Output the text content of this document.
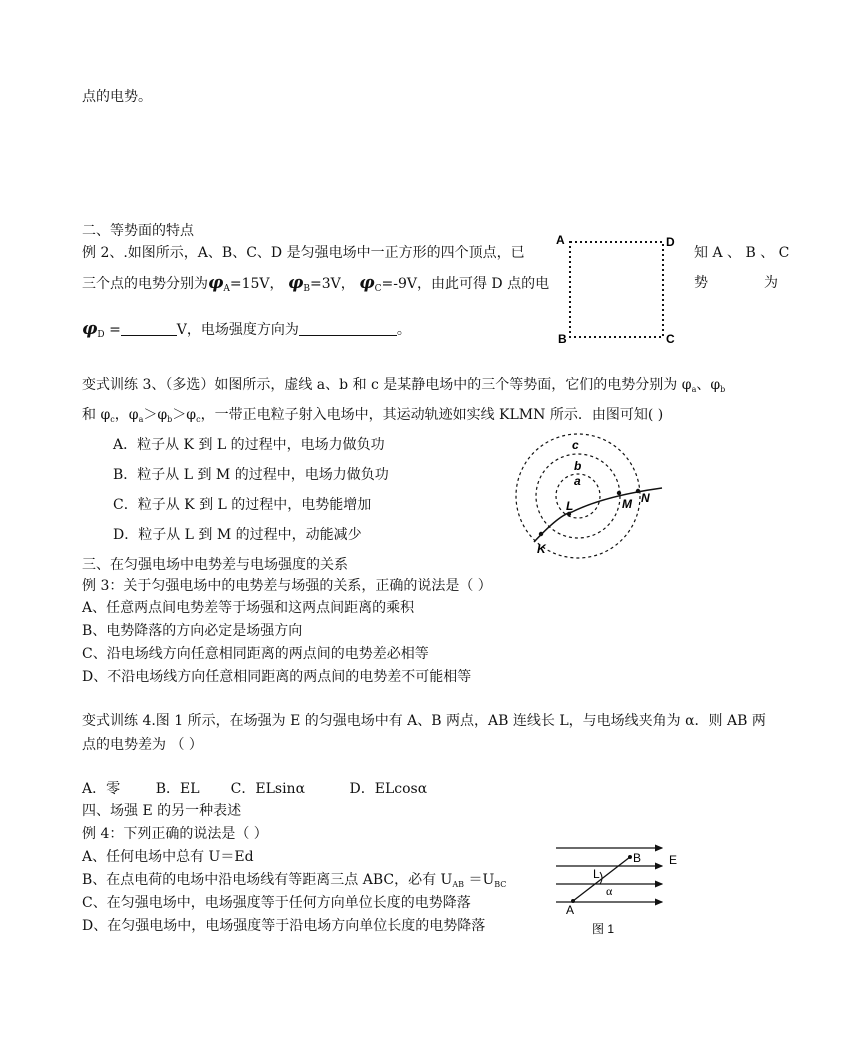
点的电势。
二、等势面的特点
例 2、.如图所示，A、B、C、D 是匀强电场中一正方形的四个顶点，已	知 A 、 B 、 C
三个点的电势分别为$\varphi_A=15V$， $\varphi_B=3V$， $\varphi_C=-9V$，由此可得 D 点的电	势	为
$\varphi_D$ =	V，电场强度方向为	。
A	D
B	C
变式训练 3、（多选）如图所示，虚线 a、b 和 c 是某静电场中的三个等势面，它们的电势分别为 $\varphi_a$、$\varphi_b$
和 $\varphi_c$，$\varphi_a>\varphi_b>\varphi_c$，一带正电粒子射入电场中，其运动轨迹如实线 KLMN 所示．由图可知( )
A．粒子从 K 到 L 的过程中，电场力做负功
B．粒子从 L 到 M 的过程中，电场力做负功
C．粒子从 K 到 L 的过程中，电势能增加
D．粒子从 L 到 M 的过程中，动能减少
c
b
a
L	M N
K
三、在匀强电场中电势差与电场强度的关系
例 3：关于匀强电场中的电势差与场强的关系，正确的说法是（ ）
A、任意两点间电势差等于场强和这两点间距离的乘积
B、电势降落的方向必定是场强方向
C、沿电场线方向任意相同距离的两点间的电势差必相等
D、不沿电场线方向任意相同距离的两点间的电势差不可能相等
变式训练 4.图 1 所示，在场强为 E 的匀强电场中有 A、B 两点，AB 连线长 L，与电场线夹角为 α．则 AB 两
点的电势差为 （ ）
A．零        B．EL       C．ELsinα          D．ELcosα
四、场强 E 的另一种表述
例 4：下列正确的说法是（ ）
A、任何电场中总有 U＝Ed
B、在点电荷的电场中沿电场线有等距离三点 ABC，必有 $U_{AB} =U_{BC}$
C、在匀强电场中，电场强度等于任何方向单位长度的电势降落
D、在匀强电场中，电场强度等于沿电场方向单位长度的电势降落
A
B E
L
α
图 1
